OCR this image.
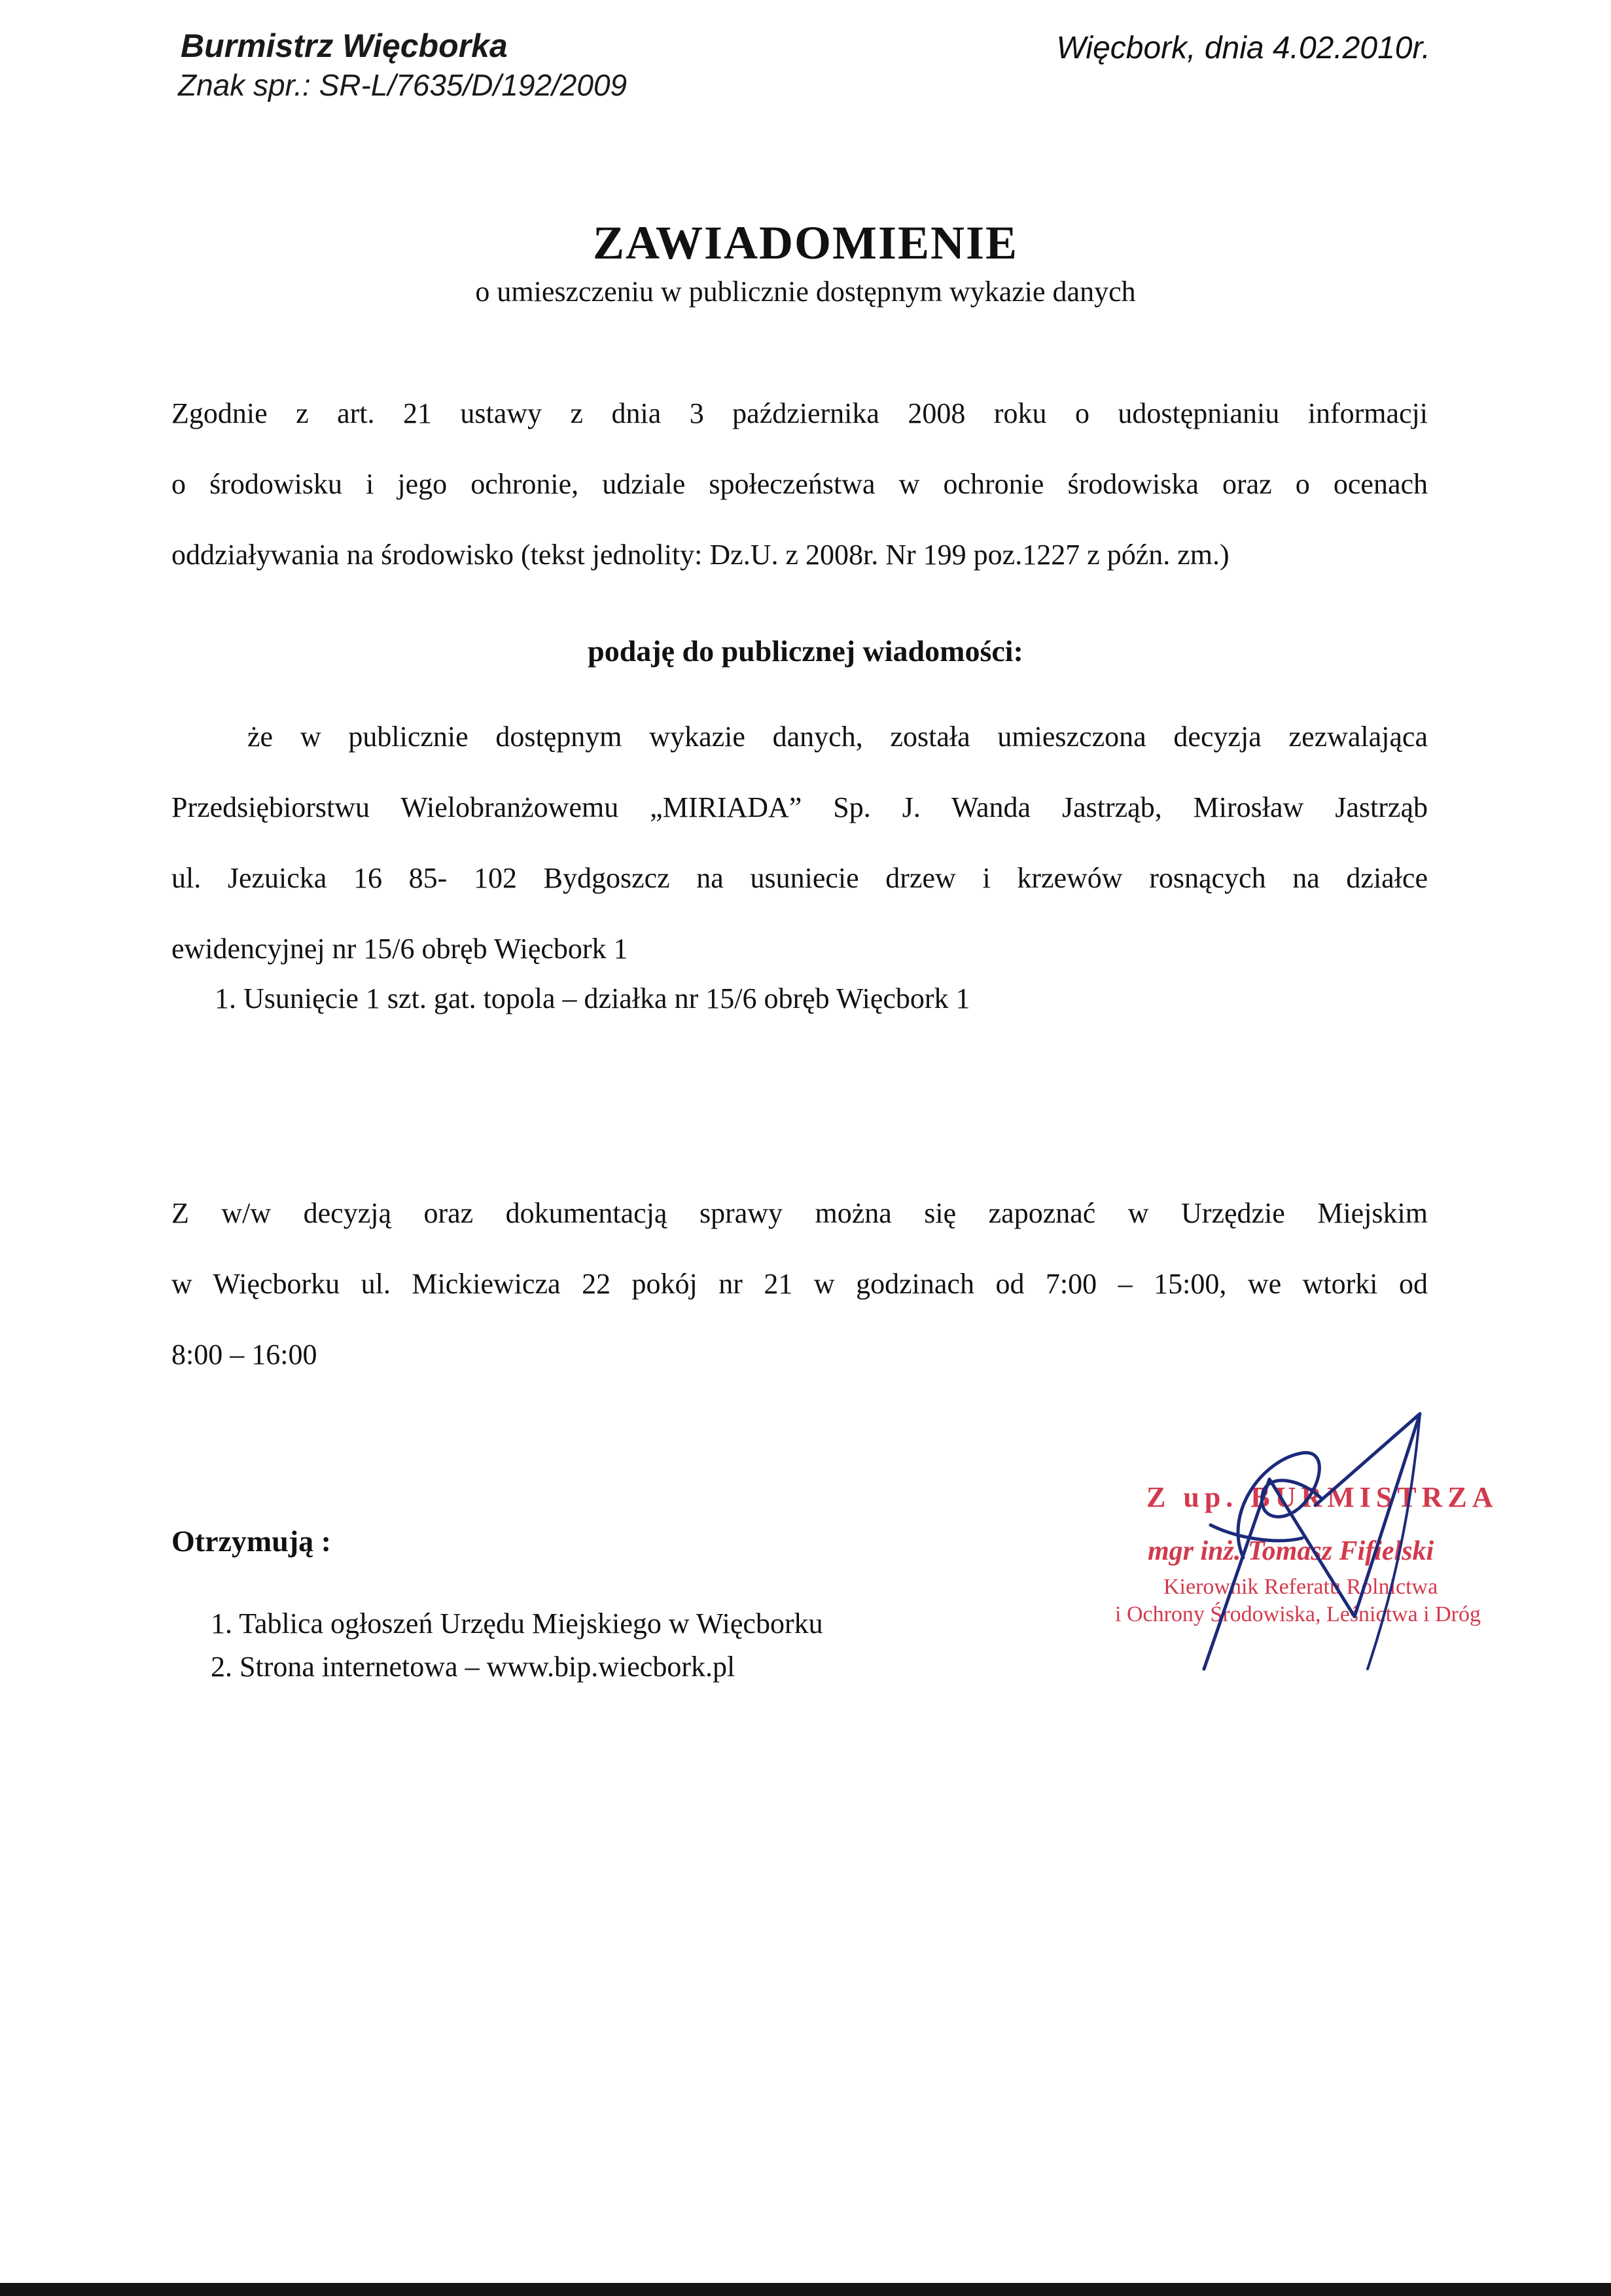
Burmistrz Więcborka
Znak spr.: SR-L/7635/D/192/2009
Więcbork, dnia 4.02.2010r.
ZAWIADOMIENIE
o umieszczeniu w publicznie dostępnym wykazie danych
Zgodnie z art. 21 ustawy z dnia 3 października 2008 roku o udostępnianiu informacji
o środowisku i jego ochronie, udziale społeczeństwa w ochronie środowiska oraz o ocenach
oddziaływania na środowisko (tekst jednolity: Dz.U. z 2008r. Nr 199 poz.1227 z późn. zm.)
podaję do publicznej wiadomości:
że w publicznie dostępnym wykazie danych, została umieszczona decyzja zezwalająca
Przedsiębiorstwu Wielobranżowemu „MIRIADA” Sp. J. Wanda Jastrząb, Mirosław Jastrząb
ul. Jezuicka 16 85- 102 Bydgoszcz na usuniecie drzew i krzewów rosnących na działce
ewidencyjnej nr 15/6 obręb Więcbork 1
1. Usunięcie 1 szt. gat. topola – działka nr 15/6 obręb Więcbork 1
Z w/w decyzją oraz dokumentacją sprawy można się zapoznać w Urzędzie Miejskim
w Więcborku ul. Mickiewicza 22 pokój nr 21 w godzinach od 7:00 – 15:00, we wtorki od
8:00 – 16:00
Otrzymują :
1. Tablica ogłoszeń Urzędu Miejskiego w Więcborku
2. Strona internetowa – www.bip.wiecbork.pl
Z up. BURMISTRZA
mgr inż. Tomasz Fifielski
Kierownik Referatu Rolnictwa
i Ochrony Środowiska, Leśnictwa i Dróg
